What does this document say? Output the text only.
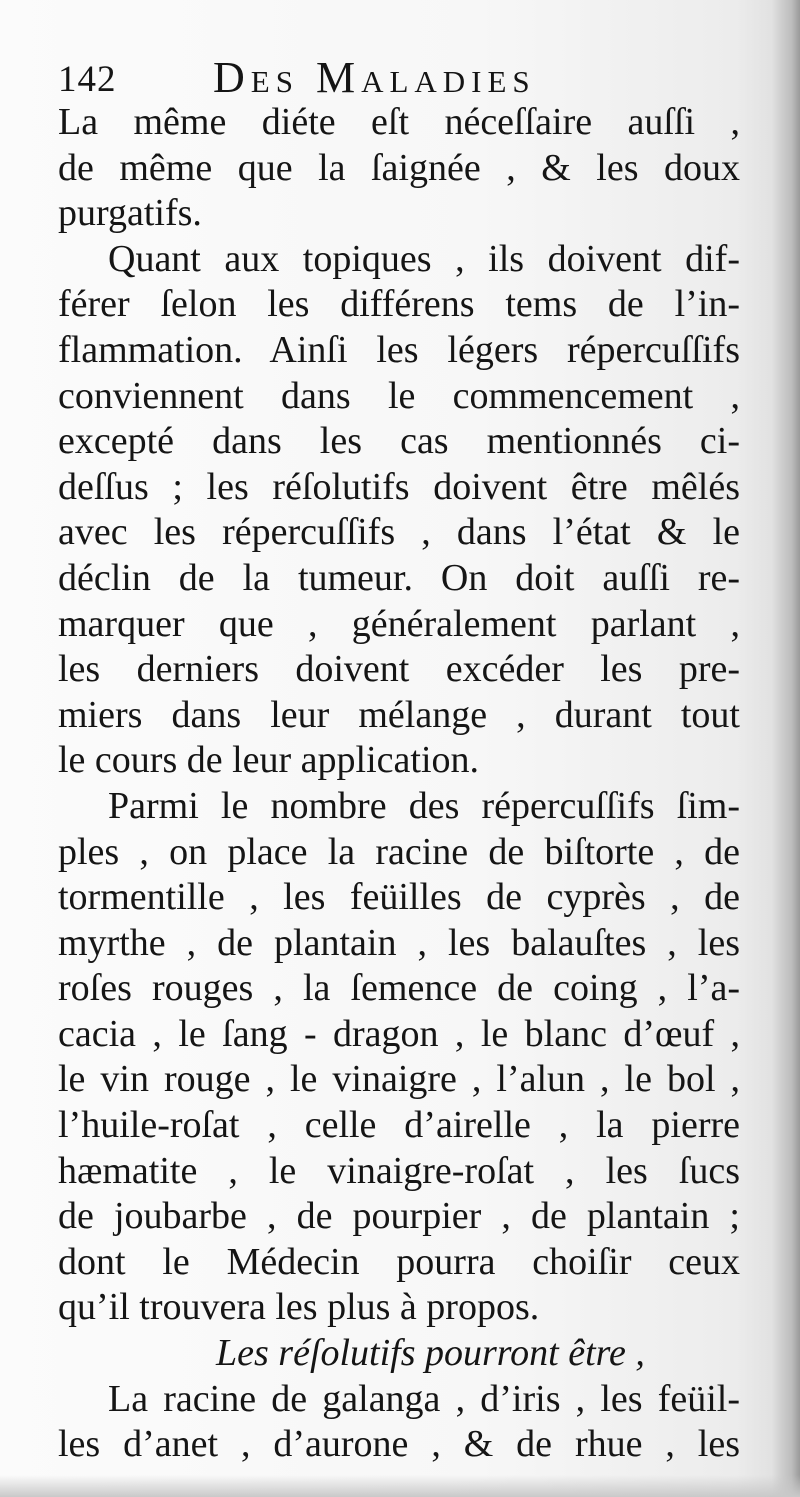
142 Des Maladies
La même diéte eſt néceſſaire auſſi ,
de même que la ſaignée , & les doux
purgatifs.
Quant aux topiques , ils doivent dif-
férer ſelon les différens tems de l’in-
flammation. Ainſi les légers répercuſſifs
conviennent dans le commencement ,
excepté dans les cas mentionnés ci-
deſſus ; les réſolutifs doivent être mêlés
avec les répercuſſifs , dans l’état & le
déclin de la tumeur. On doit auſſi re-
marquer que , généralement parlant ,
les derniers doivent excéder les pre-
miers dans leur mélange , durant tout
le cours de leur application.
Parmi le nombre des répercuſſifs ſim-
ples , on place la racine de biſtorte , de
tormentille , les feüilles de cyprès , de
myrthe , de plantain , les balauſtes , les
roſes rouges , la ſemence de coing , l’a-
cacia , le ſang - dragon , le blanc d’œuf ,
le vin rouge , le vinaigre , l’alun , le bol ,
l’huile-roſat , celle d’airelle , la pierre
hæmatite , le vinaigre-roſat , les ſucs
de joubarbe , de pourpier , de plantain ;
dont le Médecin pourra choiſir ceux
qu’il trouvera les plus à propos.
Les réſolutifs pourront être ,
La racine de galanga , d’iris , les feüil-
les d’anet , d’aurone , & de rhue , les
